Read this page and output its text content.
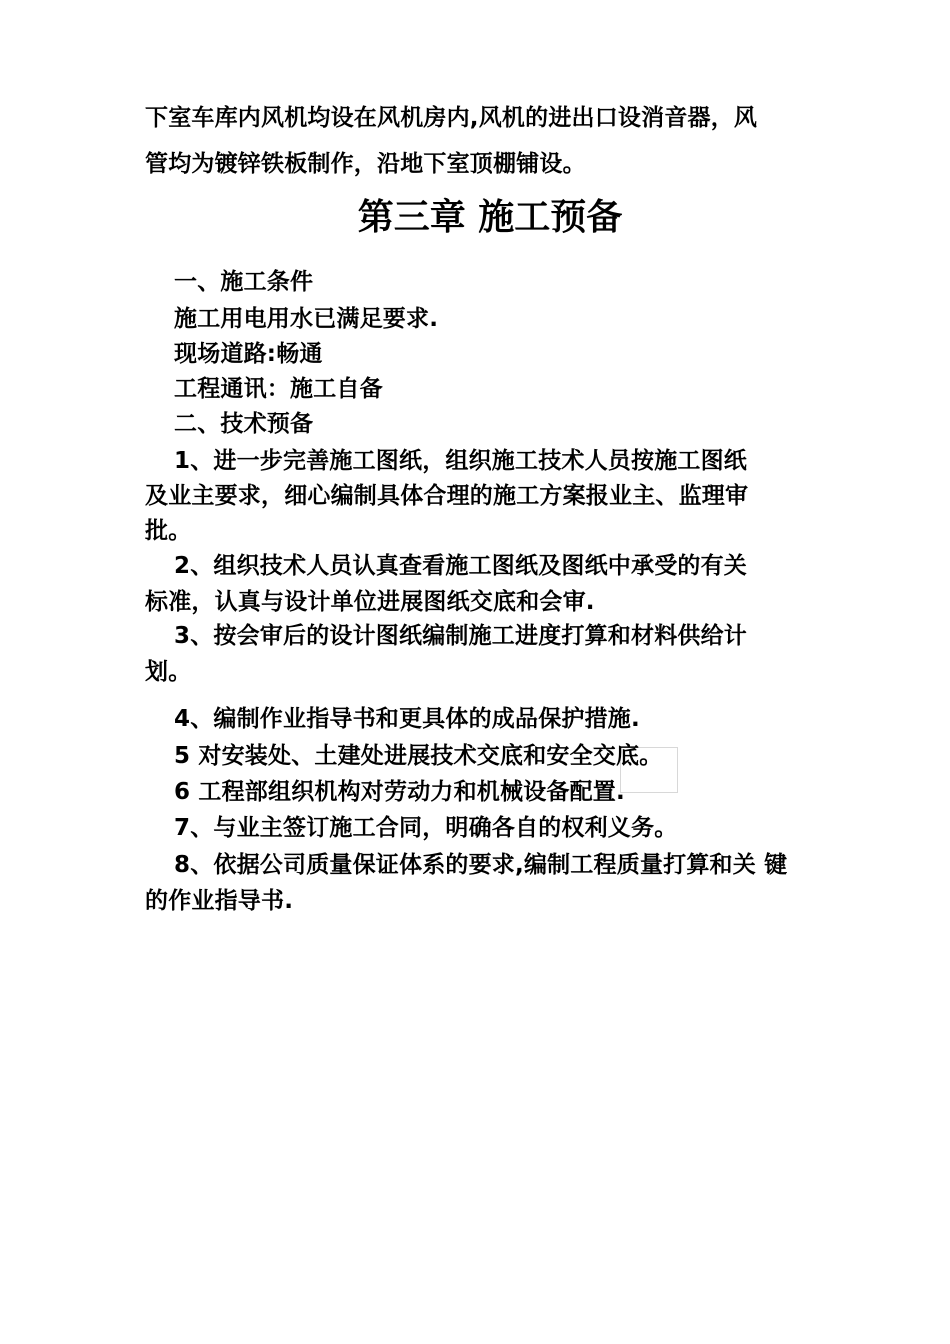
下室车库内风机均设在风机房内,风机的进出口设消音器，风
管均为镀锌铁板制作，沿地下室顶棚铺设。
第三章 施工预备
一、施工条件
施工用电用水已满足要求.
现场道路:畅通
工程通讯：施工自备
二、技术预备
1、进一步完善施工图纸，组织施工技术人员按施工图纸
及业主要求，细心编制具体合理的施工方案报业主、监理审
批。
2、组织技术人员认真查看施工图纸及图纸中承受的有关
标准，认真与设计单位进展图纸交底和会审.
3、按会审后的设计图纸编制施工进度打算和材料供给计
划。
4、编制作业指导书和更具体的成品保护措施.
5 对安装处、土建处进展技术交底和安全交底。
6 工程部组织机构对劳动力和机械设备配置.
7、与业主签订施工合同，明确各自的权利义务。
8、依据公司质量保证体系的要求,编制工程质量打算和关 键
的作业指导书.
